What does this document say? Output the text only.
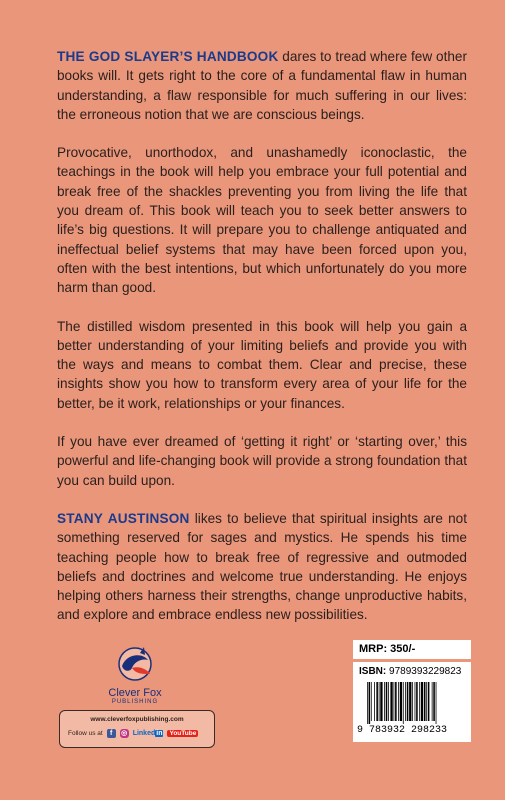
THE GOD SLAYER’S HANDBOOK dares to tread where few other books will. It gets right to the core of a fundamental flaw in human understanding, a flaw responsible for much suffering in our lives: the erroneous notion that we are conscious beings.

Provocative, unorthodox, and unashamedly iconoclastic, the teachings in the book will help you embrace your full potential and break free of the shackles preventing you from living the life that you dream of. This book will teach you to seek better answers to life’s big questions. It will prepare you to challenge antiquated and ineffectual belief systems that may have been forced upon you, often with the best intentions, but which unfortunately do you more harm than good.

The distilled wisdom presented in this book will help you gain a better understanding of your limiting beliefs and provide you with the ways and means to combat them. Clear and precise, these insights show you how to transform every area of your life for the better, be it work, relationships or your finances.

If you have ever dreamed of ‘getting it right’ or ‘starting over,’ this powerful and life-changing book will provide a strong foundation that you can build upon.

STANY AUSTINSON likes to believe that spiritual insights are not something reserved for sages and mystics. He spends his time teaching people how to break free of regressive and outmoded beliefs and doctrines and welcome true understanding. He enjoys helping others harness their strengths, change unproductive habits, and explore and embrace endless new possibilities.

Clever Fox
PUBLISHING
www.cleverfoxpublishing.com
Follow us at	f	◎ Linkedin	YouTube
MRP: 350/-
ISBN: 9789393229823
9 783932 298233
